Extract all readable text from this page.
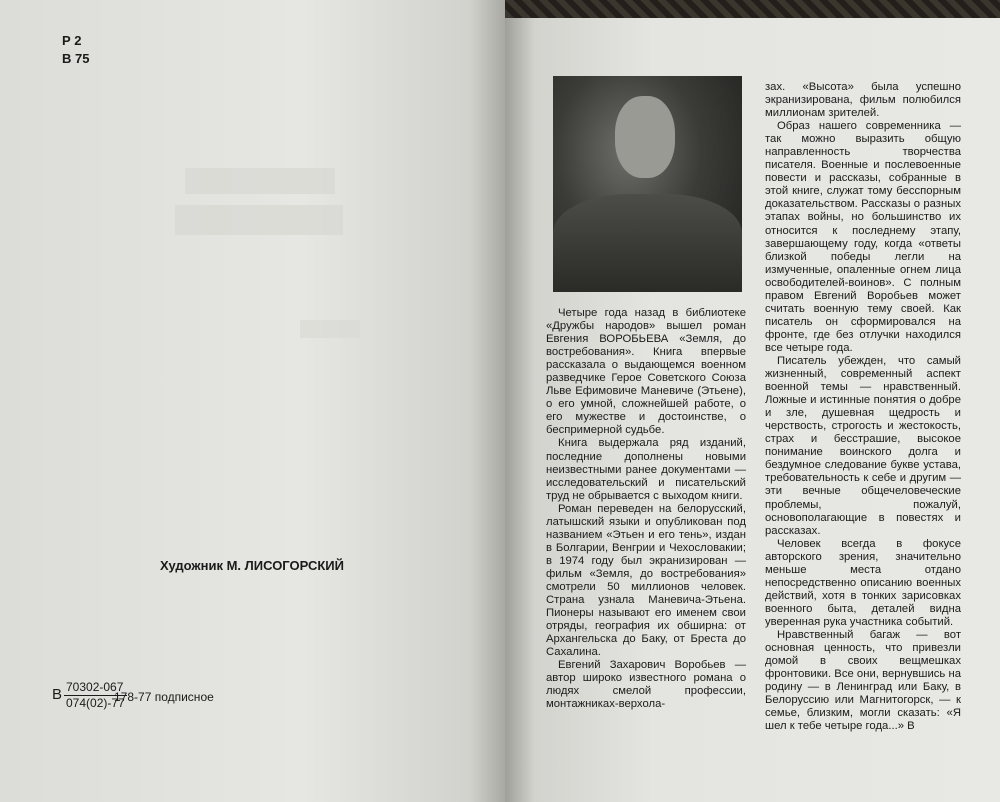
Р 2
В 75
Художник М. ЛИСОГОРСКИЙ
В $\frac{70302-067}{074(02)-77}$
178-77 подписное

Четыре года назад в библиотеке «Дружбы народов» вышел роман Евгения ВОРОБЬЕВА «Земля, до востребования». Книга впервые рассказала о выдающемся военном разведчике Герое Советского Союза Льве Ефимовиче Маневиче (Этьене), о его умной, сложнейшей работе, о его мужестве и достоинстве, о беспримерной судьбе.

Книга выдержала ряд изданий, последние дополнены новыми неизвестными ранее документами — исследовательский и писательский труд не обрывается с выходом книги.

Роман переведен на белорусский, латышский языки и опубликован под названием «Этьен и его тень», издан в Болгарии, Венгрии и Чехословакии; в 1974 году был экранизирован — фильм «Земля, до востребования» смотрели 50 миллионов человек. Страна узнала Маневича-Этьена. Пионеры называют его именем свои отряды, география их обширна: от Архангельска до Баку, от Бреста до Сахалина.

Евгений Захарович Воробьев — автор широко известного романа о людях смелой профессии, монтажниках-верхола-

зах. «Высота» была успешно экранизирована, фильм полюбился миллионам зрителей.

Образ нашего современника — так можно выразить общую направленность творчества писателя. Военные и послевоенные повести и рассказы, собранные в этой книге, служат тому бесспорным доказательством. Рассказы о разных этапах войны, но большинство их относится к последнему этапу, завершающему году, когда «ответы близкой победы легли на измученные, опаленные огнем лица освободителей-воинов». С полным правом Евгений Воробьев может считать военную тему своей. Как писатель он сформировался на фронте, где без отлучки находился все четыре года.

Писатель убежден, что самый жизненный, современный аспект военной темы — нравственный. Ложные и истинные понятия о добре и зле, душевная щедрость и черствость, строгость и жестокость, страх и бесстрашие, высокое понимание воинского долга и бездумное следование букве устава, требовательность к себе и другим — эти вечные общечеловеческие проблемы, пожалуй, основополагающие в повестях и рассказах.

Человек всегда в фокусе авторского зрения, значительно меньше места отдано непосредственно описанию военных действий, хотя в тонких зарисовках военного быта, деталей видна уверенная рука участника событий.

Нравственный багаж — вот основная ценность, что привезли домой в своих вещмешках фронтовики. Все они, вернувшись на родину — в Ленинград или Баку, в Белоруссию или Магнитогорск, — к семье, близким, могли сказать: «Я шел к тебе четыре года...» В
